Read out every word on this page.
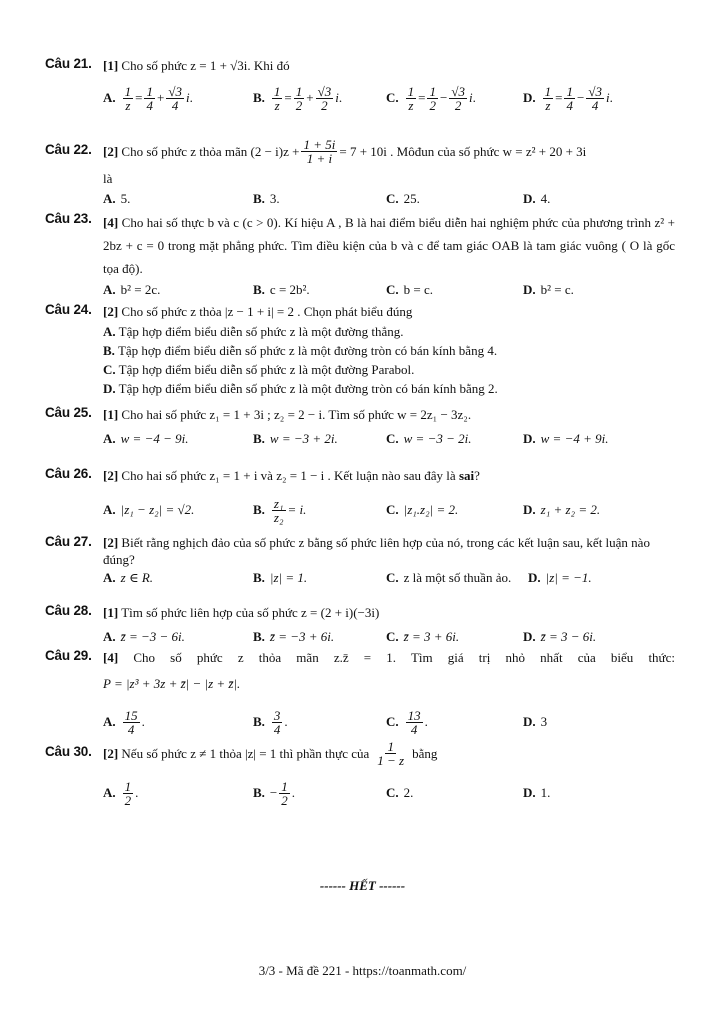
Câu 21. [1] Cho số phức z = 1 + √3i. Khi đó
A. $\frac{1}{z} = \frac{1}{4} + \frac{√3}{4}$ i .	B. $\frac{1}{z} = \frac{1}{2} + \frac{√3}{2}$ i .	C. $\frac{1}{z} = \frac{1}{2} - \frac{√3}{2}$ i .	D. $\frac{1}{z} = \frac{1}{4} - \frac{√3}{4}$ i .
Câu 22. [2]
Cho số phức z thỏa mãn $(2 - i)z + \frac{1 + 5i}{1 + i} = 7 + 10i$ . Môđun của số phức w = z² + 20 + 3i
là
A. 5.	B. 3.	C. 25.	D. 4.
Câu 23. [4] Cho hai số thực b và c (c > 0). Kí hiệu A , B là hai điểm biểu diễn hai nghiệm phức của phương trình z² + 2bz + c = 0 trong mặt phẳng phức. Tìm điều kiện của b và c để tam giác OAB là tam giác vuông ( O là gốc tọa độ).
A. b² = 2c.	B. c = 2b².	C. b = c.	D. b² = c.
Câu 24. [2] Cho số phức z thỏa |z − 1 + i| = 2 . Chọn phát biểu đúng
A. Tập hợp điểm biểu diễn số phức z là một đường thẳng.
B. Tập hợp điểm biểu diễn số phức z là một đường tròn có bán kính bằng 4.
C. Tập hợp điểm biểu diễn số phức z là một đường Parabol.
D. Tập hợp điểm biểu diễn số phức z là một đường tròn có bán kính bằng 2.
Câu 25. [1] Cho hai số phức z₁ = 1 + 3i ; z₂ = 2 − i. Tìm số phức w = 2z₁ − 3z₂.
A. w = −4 − 9i.	B. w = −3 + 2i.	C. w = −3 − 2i.	D. w = −4 + 9i.
Câu 26. [2] Cho hai số phức z₁ = 1 + i và z₂ = 1 − i . Kết luận nào sau đây là sai?
A. |z₁ − z₂| = √2.	B. $\frac{\text{z₁}}{\text{z₂}} = i$.	C. |z₁.z₂| = 2.	D. z₁ + z₂ = 2.
Câu 27. [2] Biết rằng nghịch đảo của số phức z bằng số phức liên hợp của nó, trong các kết luận sau, kết luận nào đúng?
A. z ∈ R.	B. |z| = 1.	C. z là một số thuần ảo. D. |z| = −1.
Câu 28. [1] Tìm số phức liên hợp của số phức z = (2 + i)(−3i)
A. z̄ = −3 − 6i.	B. z̄ = −3 + 6i.	C. z̄ = 3 + 6i.	D. z̄ = 3 − 6i.
Câu 29. [4] Cho số phức z thỏa mãn z.z̄ = 1. Tìm giá trị nhỏ nhất của biểu thức:
P = |z³ + 3z + z̄| − |z + z̄|.
A. $\frac{15}{4}$ .	B. $\frac{3}{4}$ .	C. $\frac{13}{4}$ .	D. 3
Câu 30. [2]
Nếu số phức z ≠ 1 thỏa |z| = 1 thì phần thực của $\frac{1}{1 - z}$ bằng
A. $\frac{1}{2}$ .	B. − $\frac{1}{2}$ .	C. 2.	D. 1.
------ HẾT ------
3/3 - Mã đề 221 - https://toanmath.com/
